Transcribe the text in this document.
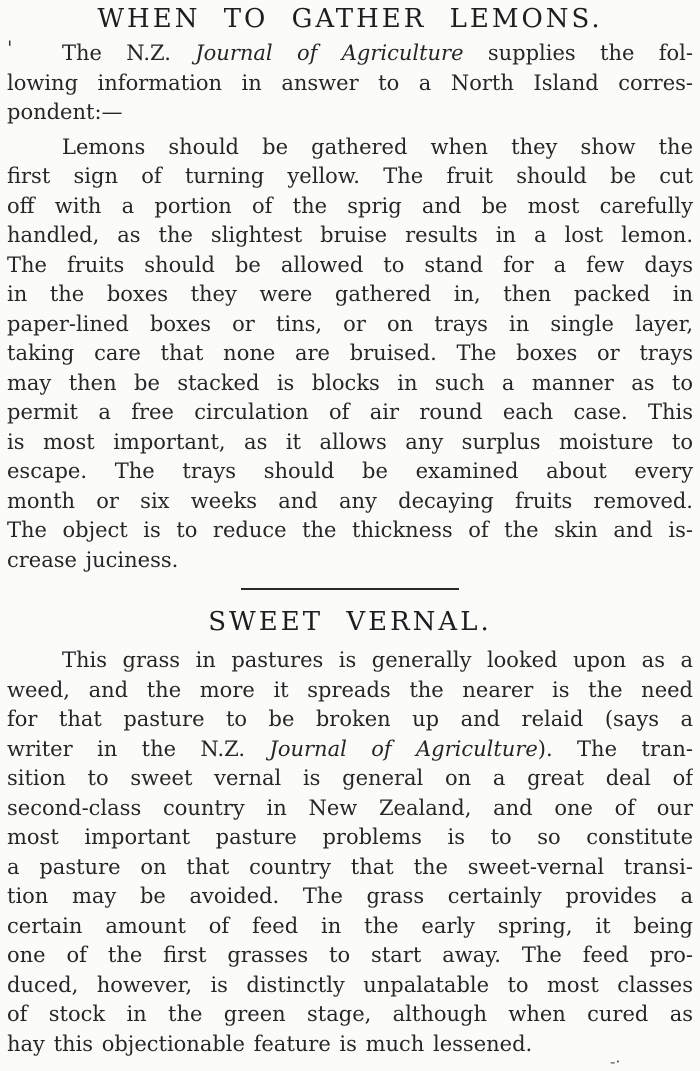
'
WHEN TO GATHER LEMONS.
The N.Z. Journal of Agriculture supplies the fol-
lowing information in answer to a North Island corres-
pondent:—
Lemons should be gathered when they show the
first sign of turning yellow. The fruit should be cut
off with a portion of the sprig and be most carefully
handled, as the slightest bruise results in a lost lemon.
The fruits should be allowed to stand for a few days
in the boxes they were gathered in, then packed in
paper-lined boxes or tins, or on trays in single layer,
taking care that none are bruised. The boxes or trays
may then be stacked is blocks in such a manner as to
permit a free circulation of air round each case. This
is most important, as it allows any surplus moisture to
escape. The trays should be examined about every
month or six weeks and any decaying fruits removed.
The object is to reduce the thickness of the skin and is-
crease juciness.
SWEET VERNAL.
This grass in pastures is generally looked upon as a
weed, and the more it spreads the nearer is the need
for that pasture to be broken up and relaid (says a
writer in the N.Z. Journal of Agriculture). The tran-
sition to sweet vernal is general on a great deal of
second-class country in New Zealand, and one of our
most important pasture problems is to so constitute
a pasture on that country that the sweet-vernal transi-
tion may be avoided. The grass certainly provides a
certain amount of feed in the early spring, it being
one of the first grasses to start away. The feed pro-
duced, however, is distinctly unpalatable to most classes
of stock in the green stage, although when cured as
hay this objectionable feature is much lessened.
-·
